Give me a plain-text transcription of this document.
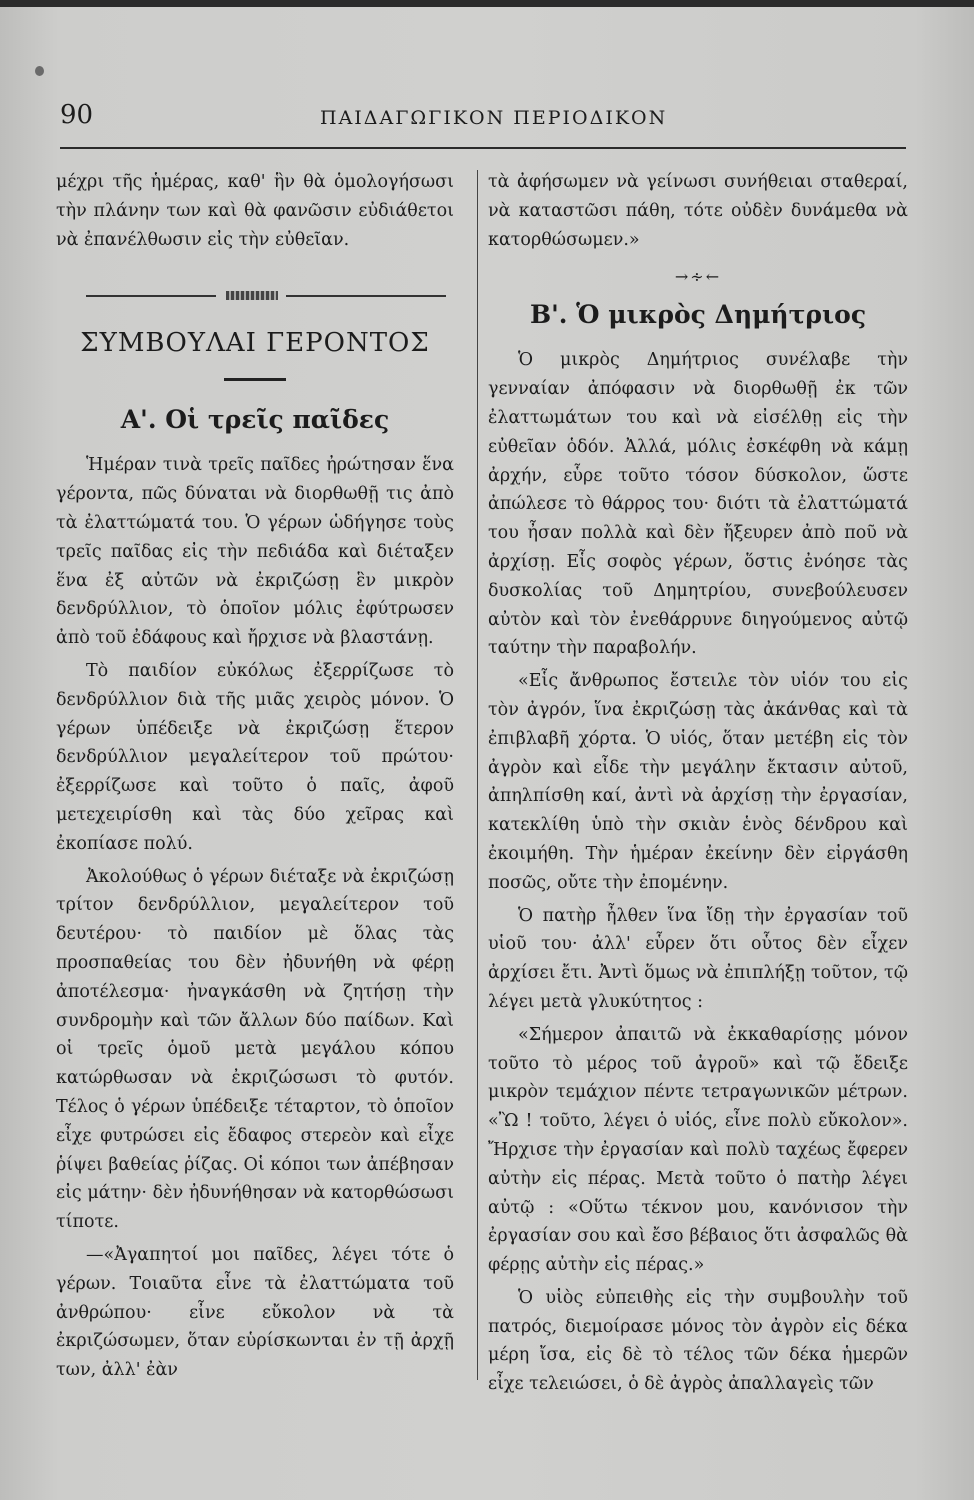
90	ΠΑΙΔΑΓΩΓΙΚΟΝ ΠΕΡΙΟΔΙΚΟΝ

μέχρι τῆς ἡμέρας, καθ' ἣν θὰ ὁμολογήσωσι τὴν πλάνην των καὶ θὰ φανῶσιν εὐδιάθετοι νὰ ἐπανέλθωσιν εἰς τὴν εὐθεῖαν.

ΣΥΜΒΟΥΛΑΙ ΓΕΡΟΝΤΟΣ
Α'. Οἱ τρεῖς παῖδες

Ἡμέραν τινὰ τρεῖς παῖδες ἠρώτησαν ἕνα γέροντα, πῶς δύναται νὰ διορθωθῇ τις ἀπὸ τὰ ἐλαττώματά του. Ὁ γέρων ὡδήγησε τοὺς τρεῖς παῖδας εἰς τὴν πεδιάδα καὶ διέταξεν ἕνα ἐξ αὐτῶν νὰ ἐκριζώσῃ ἓν μικρὸν δενδρύλλιον, τὸ ὁποῖον μόλις ἐφύτρωσεν ἀπὸ τοῦ ἐδάφους καὶ ἤρχισε νὰ βλαστάνῃ.

Τὸ παιδίον εὐκόλως ἐξερρίζωσε τὸ δενδρύλλιον διὰ τῆς μιᾶς χειρὸς μόνον. Ὁ γέρων ὑπέδειξε νὰ ἐκριζώσῃ ἕτερον δενδρύλλιον μεγαλείτερον τοῦ πρώτου· ἐξερρίζωσε καὶ τοῦτο ὁ παῖς, ἀφοῦ μετεχειρίσθη καὶ τὰς δύο χεῖρας καὶ ἐκοπίασε πολύ.

Ἀκολούθως ὁ γέρων διέταξε νὰ ἐκριζώσῃ τρίτον δενδρύλλιον, μεγαλείτερον τοῦ δευτέρου· τὸ παιδίον μὲ ὅλας τὰς προσπαθείας του δὲν ἠδυνήθη νὰ φέρῃ ἀποτέλεσμα· ἠναγκάσθη νὰ ζητήσῃ τὴν συνδρομὴν καὶ τῶν ἄλλων δύο παίδων. Καὶ οἱ τρεῖς ὁμοῦ μετὰ μεγάλου κόπου κατώρθωσαν νὰ ἐκριζώσωσι τὸ φυτόν. Τέλος ὁ γέρων ὑπέδειξε τέταρτον, τὸ ὁποῖον εἶχε φυτρώσει εἰς ἔδαφος στερεὸν καὶ εἶχε ῥίψει βαθείας ῥίζας. Οἱ κόποι των ἀπέβησαν εἰς μάτην· δὲν ἠδυνήθησαν νὰ κατορθώσωσι τίποτε.

—«Ἀγαπητοί μοι παῖδες, λέγει τότε ὁ γέρων. Τοιαῦτα εἶνε τὰ ἐλαττώματα τοῦ ἀνθρώπου· εἶνε εὔκολον νὰ τὰ ἐκριζώσωμεν, ὅταν εὑρίσκωνται ἐν τῇ ἀρχῇ των, ἀλλ' ἐὰν

τὰ ἀφήσωμεν νὰ γείνωσι συνήθειαι σταθεραί, νὰ καταστῶσι πάθη, τότε οὐδὲν δυνάμεθα νὰ κατορθώσωμεν.»

→∻←
Β'. Ὁ μικρὸς Δημήτριος

Ὁ μικρὸς Δημήτριος συνέλαβε τὴν γενναίαν ἀπόφασιν νὰ διορθωθῇ ἐκ τῶν ἐλαττωμάτων του καὶ νὰ εἰσέλθῃ εἰς τὴν εὐθεῖαν ὁδόν. Ἀλλά, μόλις ἐσκέφθη νὰ κάμῃ ἀρχήν, εὗρε τοῦτο τόσον δύσκολον, ὥστε ἀπώλεσε τὸ θάρρος του· διότι τὰ ἐλαττώματά του ἦσαν πολλὰ καὶ δὲν ἤξευρεν ἀπὸ ποῦ νὰ ἀρχίσῃ. Εἷς σοφὸς γέρων, ὅστις ἐνόησε τὰς δυσκολίας τοῦ Δημητρίου, συνεβούλευσεν αὐτὸν καὶ τὸν ἐνεθάρρυνε διηγούμενος αὐτῷ ταύτην τὴν παραβολήν.

«Εἷς ἄνθρωπος ἔστειλε τὸν υἱόν του εἰς τὸν ἀγρόν, ἵνα ἐκριζώσῃ τὰς ἀκάνθας καὶ τὰ ἐπιβλαβῆ χόρτα. Ὁ υἱός, ὅταν μετέβη εἰς τὸν ἀγρὸν καὶ εἶδε τὴν μεγάλην ἔκτασιν αὐτοῦ, ἀπηλπίσθη καί, ἀντὶ νὰ ἀρχίσῃ τὴν ἐργασίαν, κατεκλίθη ὑπὸ τὴν σκιὰν ἑνὸς δένδρου καὶ ἐκοιμήθη. Τὴν ἡμέραν ἐκείνην δὲν εἰργάσθη ποσῶς, οὔτε τὴν ἐπομένην.

Ὁ πατὴρ ἦλθεν ἵνα ἴδῃ τὴν ἐργασίαν τοῦ υἱοῦ του· ἀλλ' εὗρεν ὅτι οὗτος δὲν εἶχεν ἀρχίσει ἔτι. Ἀντὶ ὅμως νὰ ἐπιπλήξῃ τοῦτον, τῷ λέγει μετὰ γλυκύτητος :

«Σήμερον ἀπαιτῶ νὰ ἐκκαθαρίσῃς μόνον τοῦτο τὸ μέρος τοῦ ἀγροῦ» καὶ τῷ ἔδειξε μικρὸν τεμάχιον πέντε τετραγωνικῶν μέτρων. «Ὢ ! τοῦτο, λέγει ὁ υἱός, εἶνε πολὺ εὔκολον». Ἤρχισε τὴν ἐργασίαν καὶ πολὺ ταχέως ἔφερεν αὐτὴν εἰς πέρας. Μετὰ τοῦτο ὁ πατὴρ λέγει αὐτῷ : «Οὕτω τέκνον μου, κανόνισον τὴν ἐργασίαν σου καὶ ἔσο βέβαιος ὅτι ἀσφαλῶς θὰ φέρῃς αὐτὴν εἰς πέρας.»

Ὁ υἱὸς εὐπειθὴς εἰς τὴν συμβουλὴν τοῦ πατρός, διεμοίρασε μόνος τὸν ἀγρὸν εἰς δέκα μέρη ἴσα, εἰς δὲ τὸ τέλος τῶν δέκα ἡμερῶν εἶχε τελειώσει, ὁ δὲ ἀγρὸς ἀπαλλαγεὶς τῶν
